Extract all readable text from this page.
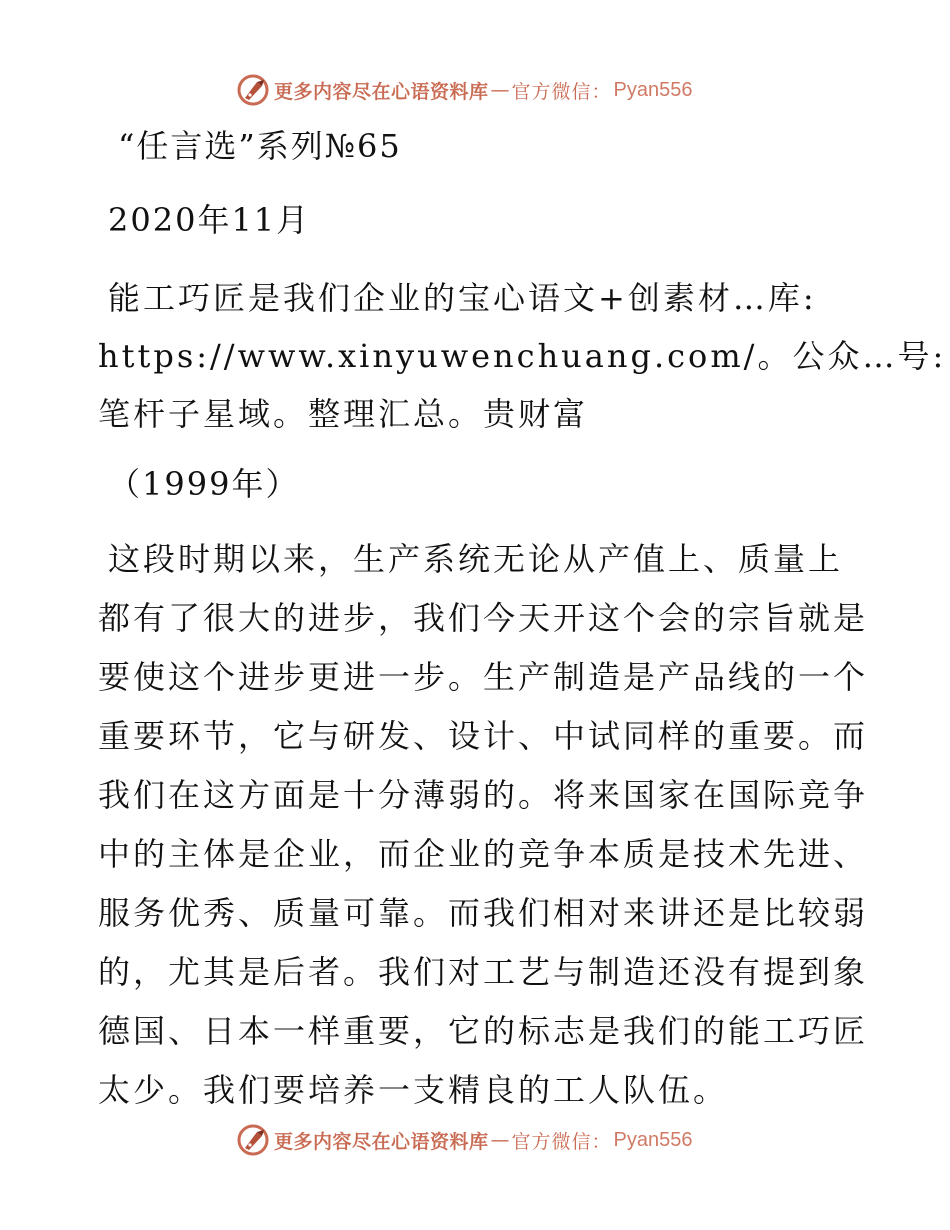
更多内容尽在心语资料库 — 官方微信： Pyan556
“任言选”系列№65
2020年11月
能工巧匠是我们企业的宝心语文+创素材…库:
https://www.xinyuwenchuang.com/。公众…号:
笔杆子星域。整理汇总。贵财富
（1999年）
这段时期以来，生产系统无论从产值上、质量上
都有了很大的进步，我们今天开这个会的宗旨就是
要使这个进步更进一步。生产制造是产品线的一个
重要环节，它与研发、设计、中试同样的重要。而
我们在这方面是十分薄弱的。将来国家在国际竞争
中的主体是企业，而企业的竞争本质是技术先进、
服务优秀、质量可靠。而我们相对来讲还是比较弱
的，尤其是后者。我们对工艺与制造还没有提到象
德国、日本一样重要，它的标志是我们的能工巧匠
太少。我们要培养一支精良的工人队伍。
更多内容尽在心语资料库 — 官方微信： Pyan556
